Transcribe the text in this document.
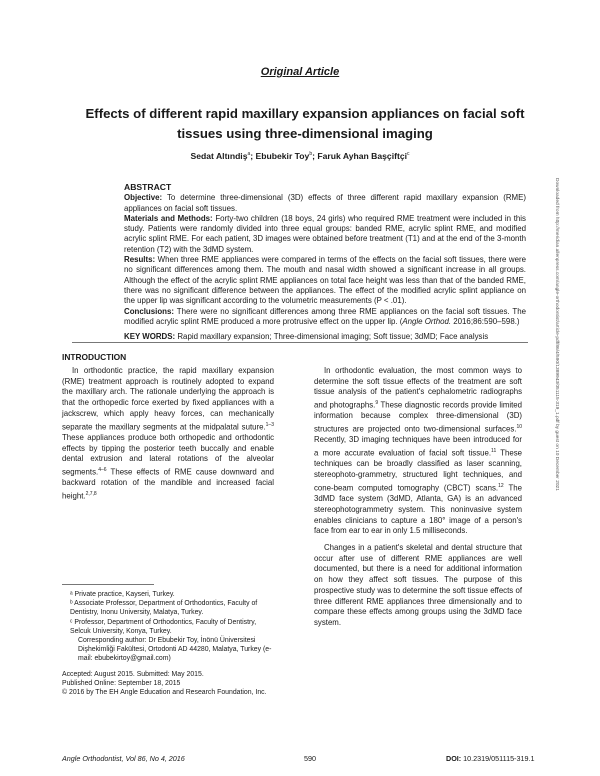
Original Article
Effects of different rapid maxillary expansion appliances on facial soft tissues using three-dimensional imaging
Sedat Altındiş$^a$; Ebubekir Toy$^b$; Faruk Ayhan Başçiftçi$^c$

ABSTRACT

Objective: To determine three-dimensional (3D) effects of three different rapid maxillary expansion (RME) appliances on facial soft tissues.

Materials and Methods: Forty-two children (18 boys, 24 girls) who required RME treatment were included in this study. Patients were randomly divided into three equal groups: banded RME, acrylic splint RME, and modified acrylic splint RME. For each patient, 3D images were obtained before treatment (T1) and at the end of the 3-month retention (T2) with the 3dMD system.

Results: When three RME appliances were compared in terms of the effects on the facial soft tissues, there were no significant differences among them. The mouth and nasal width showed a significant increase in all groups. Although the effect of the acrylic splint RME appliances on total face height was less than that of the banded RME, there was no significant difference between the appliances. The effect of the modified acrylic splint appliance on the upper lip was significant according to the volumetric measurements (P < .01).

Conclusions: There were no significant differences among three RME appliances on the facial soft tissues. The modified acrylic splint RME produced a more protrusive effect on the upper lip. (Angle Orthod. 2016;86:590–598.)

KEY WORDS: Rapid maxillary expansion; Three-dimensional imaging; Soft tissue; 3dMD; Face analysis

INTRODUCTION

In orthodontic practice, the rapid maxillary expansion (RME) treatment approach is routinely adopted to expand the maxillary arch. The rationale underlying the approach is that the orthopedic force exerted by fixed appliances with a jackscrew, which apply heavy forces, can mechanically separate the maxillary segments at the midpalatal suture.$^{1-3}$ These appliances produce both orthopedic and orthodontic effects by tipping the posterior teeth buccally and enable dental extrusion and lateral rotations of the alveolar segments.$^{4-6}$ These effects of RME cause downward and backward rotation of the mandible and increased facial height.$^{2,7,8}$

In orthodontic evaluation, the most common ways to determine the soft tissue effects of the treatment are soft tissue analysis of the patient's cephalometric radiographs and photographs.$^9$ These diagnostic records provide limited information because complex three-dimensional (3D) structures are projected onto two-dimensional surfaces.$^{10}$ Recently, 3D imaging techniques have been introduced for a more accurate evaluation of facial soft tissue.$^{11}$ These techniques can be broadly classified as laser scanning, stereophoto-grammetry, structured light techniques, and cone-beam computed tomography (CBCT) scans.$^{12}$ The 3dMD face system (3dMD, Atlanta, GA) is an advanced stereophotogrammetry system. This noninvasive system enables clinicians to capture a 180° image of a person's face from ear to ear in only 1.5 milliseconds.

Changes in a patient's skeletal and dental structure that occur after use of different RME appliances are well documented, but there is a need for additional information on how they affect soft tissues. The purpose of this prospective study was to determine the soft tissue effects of three different RME appliances three dimensionally and to compare these effects among groups using the 3dMD face system.

ᵃ Private practice, Kayseri, Turkey.

ᵇ Associate Professor, Department of Orthodontics, Faculty of Dentistry, Inonu University, Malatya, Turkey.

ᶜ Professor, Department of Orthodontics, Faculty of Dentistry, Selcuk University, Konya, Turkey.

Corresponding author: Dr Ebubekir Toy, İnönü Üniversitesi Dişhekimliği Fakültesi, Ortodonti AD 44280, Malatya, Turkey (e-mail: ebubekirtoy@gmail.com)

Accepted: August 2015. Submitted: May 2015.

Published Online: September 18, 2015

© 2016 by The EH Angle Education and Research Foundation, Inc.

Angle Orthodontist, Vol 86, No 4, 2016	590	DOI: 10.2319/051115-319.1
Downloaded from http://meridian.allenpress.com/angle-orthodontist/article-pdf/86/4/590/1389943/051115-319_1.pdf by guest on 10 December 2021
